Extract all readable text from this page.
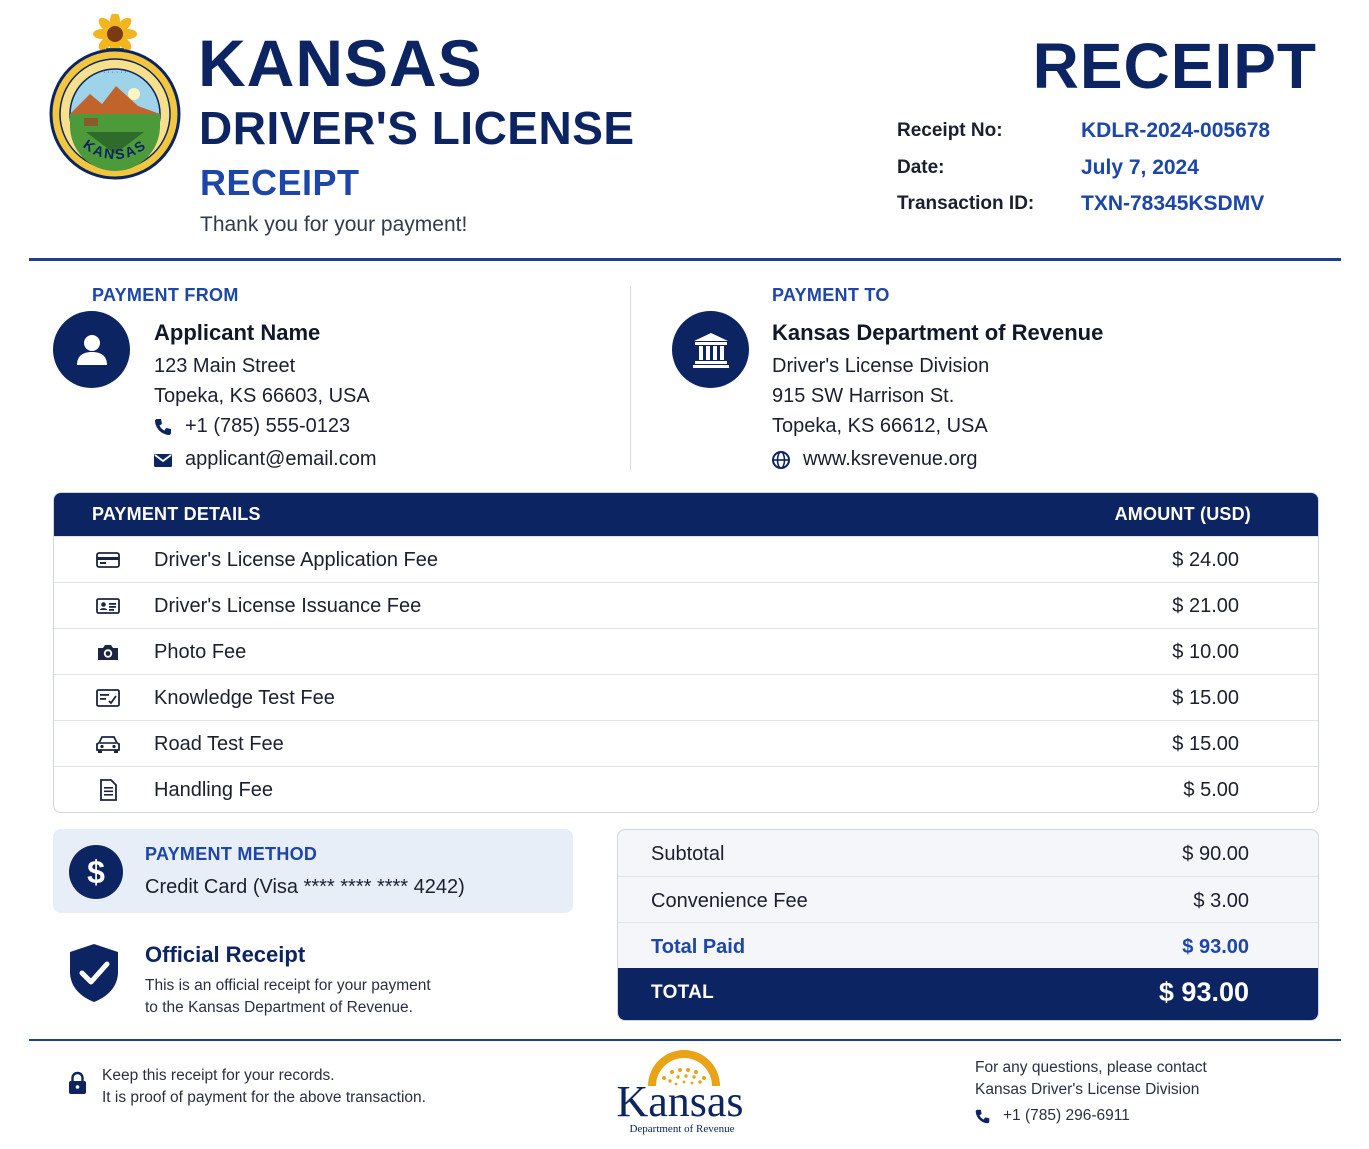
· · · · · · · ·
KANSAS
KANSAS
DRIVER'S LICENSE
RECEIPT
Thank you for your payment!
RECEIPT
Receipt No:	KDLR-2024-005678
Date:	July 7, 2024
Transaction ID: TXN-78345KSDMV
PAYMENT FROM
Applicant Name
123 Main Street
Topeka, KS 66603, USA
+1 (785) 555-0123
applicant@email.com
PAYMENT TO
Kansas Department of Revenue
Driver's License Division
915 SW Harrison St.
Topeka, KS 66612, USA
www.ksrevenue.org
PAYMENT DETAILS	AMOUNT (USD)
Driver's License Application Fee	$ 24.00
Driver's License Issuance Fee	$ 21.00
Photo Fee	$ 10.00
Knowledge Test Fee	$ 15.00
Road Test Fee	$ 15.00
Handling Fee	$ 5.00
$	PAYMENT METHOD
Credit Card (Visa **** **** **** 4242)
Official Receipt
This is an official receipt for your payment
to the Kansas Department of Revenue.
Subtotal	$ 90.00
Convenience Fee	$ 3.00
Total Paid	$ 93.00
TOTAL	$ 93.00
Keep this receipt for your records.
It is proof of payment for the above transaction.	Kansas
Department of Revenue
For any questions, please contact
Kansas Driver's License Division
+1 (785) 296-6911
